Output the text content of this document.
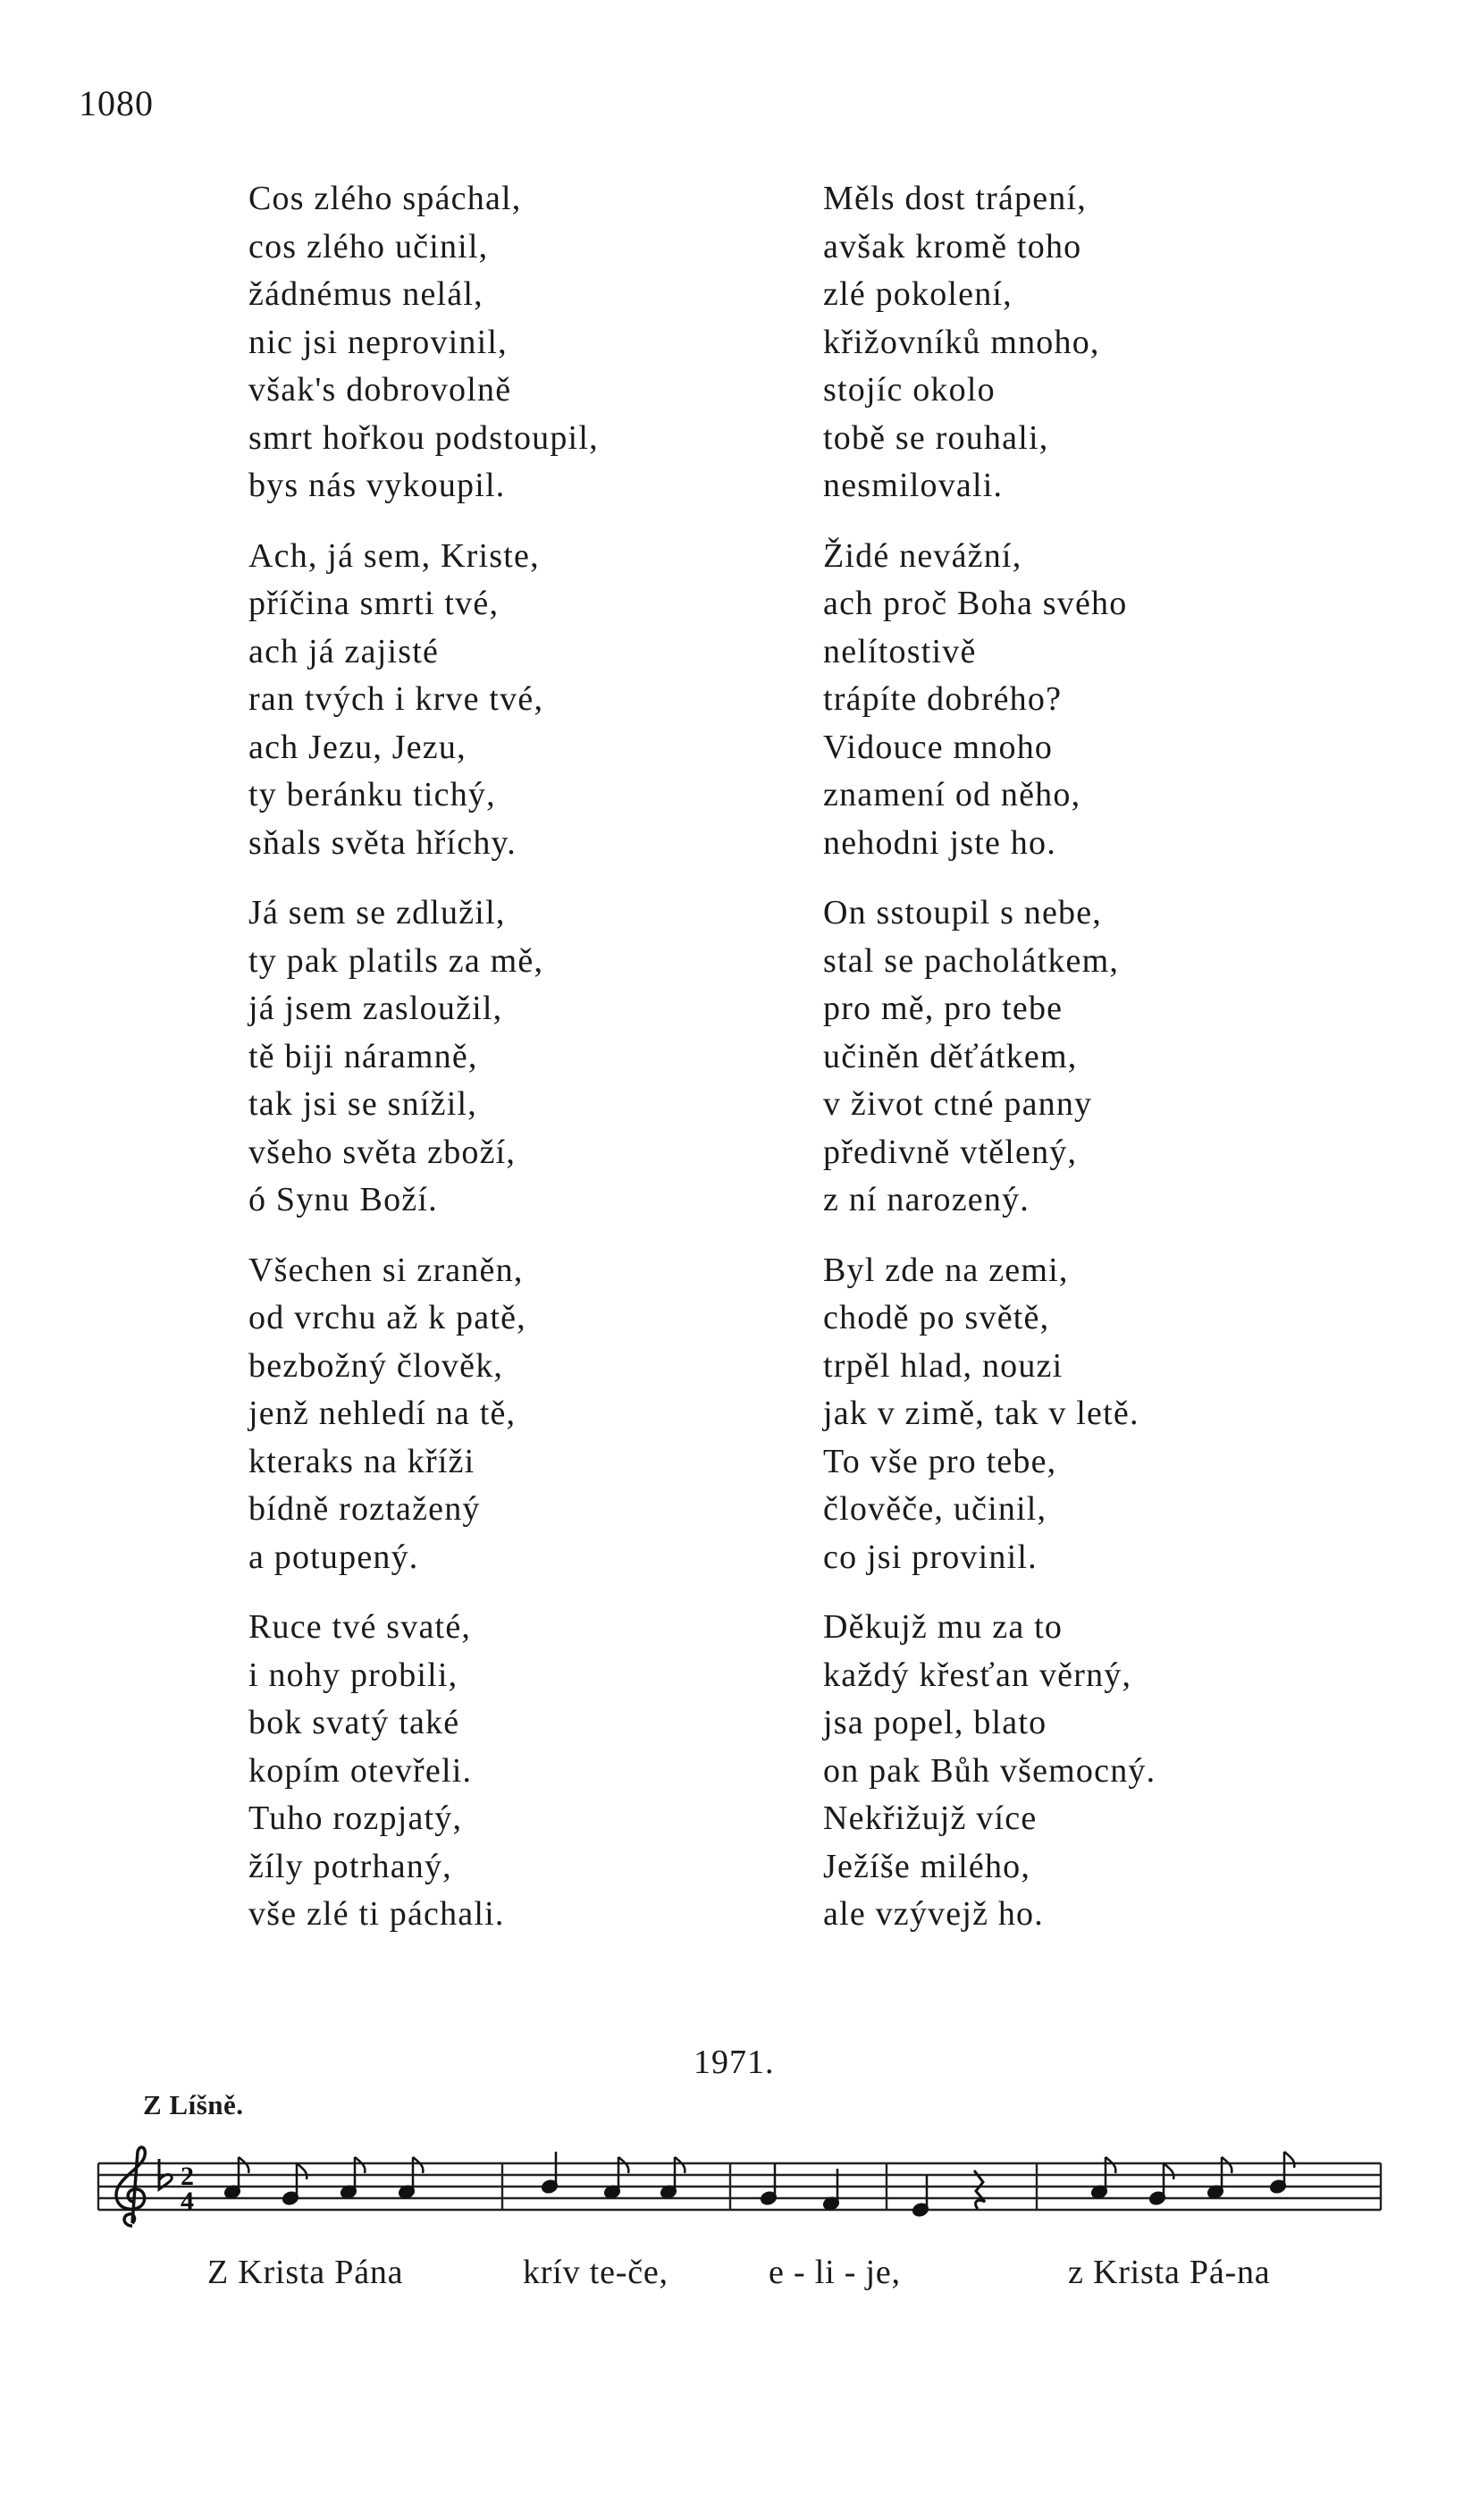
1080
Cos zlého spáchal,
cos zlého učinil,
žádnémus nelál,
nic jsi neprovinil,
však's dobrovolně
smrt hořkou podstoupil,
bys nás vykoupil.
Ach, já sem, Kriste,
příčina smrti tvé,
ach já zajisté
ran tvých i krve tvé,
ach Jezu, Jezu,
ty beránku tichý,
sňals světa hříchy.
Já sem se zdlužil,
ty pak platils za mě,
já jsem zasloužil,
tě biji náramně,
tak jsi se snížil,
všeho světa zboží,
ó Synu Boží.
Všechen si zraněn,
od vrchu až k patě,
bezbožný člověk,
jenž nehledí na tě,
kteraks na kříži
bídně roztažený
a potupený.
Ruce tvé svaté,
i nohy probili,
bok svatý také
kopím otevřeli.
Tuho rozpjatý,
žíly potrhaný,
vše zlé ti páchali.
Měls dost trápení,
avšak kromě toho
zlé pokolení,
křižovníků mnoho,
stojíc okolo
tobě se rouhali,
nesmilovali.
Židé nevážní,
ach proč Boha svého
nelítostivě
trápíte dobrého?
Vidouce mnoho
znamení od něho,
nehodni jste ho.
On sstoupil s nebe,
stal se pacholátkem,
pro mě, pro tebe
učiněn děťátkem,
v život ctné panny
předivně vtělený,
z ní narozený.
Byl zde na zemi,
chodě po světě,
trpěl hlad, nouzi
jak v zimě, tak v letě.
To vše pro tebe,
člověče, učinil,
co jsi provinil.
Děkujž mu za to
každý křesťan věrný,
jsa popel, blato
on pak Bůh všemocný.
Nekřižujž více
Ježíše milého,
ale vzývejž ho.
1971.
Z Líšně.
2
4
Z Krista Pána	krív te-če,	e - li - je,	z Krista Pá-na
